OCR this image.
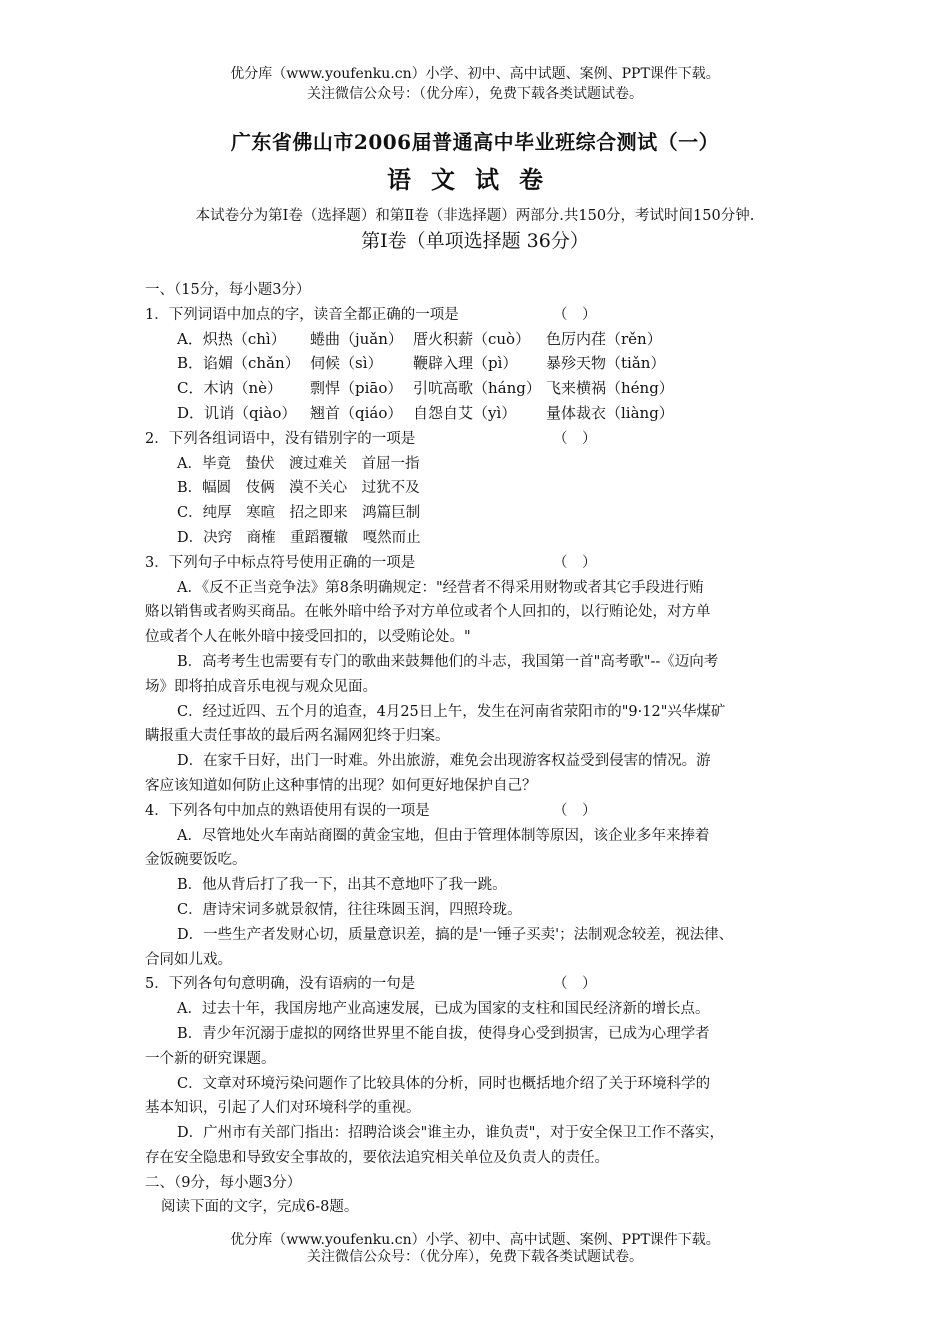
优分库（www.youfenku.cn）小学、初中、高中试题、案例、PPT课件下载。
关注微信公众号：（优分库），免费下载各类试题试卷。
广东省佛山市2006届普通高中毕业班综合测试（一）
语文试卷
本试卷分为第Ⅰ卷（选择题）和第Ⅱ卷（非选择题）两部分.共150分，考试时间150分钟.
第Ⅰ卷（单项选择题 36分）
一、（15分，每小题3分）
1．下列词语中加点的字，读音全都正确的一项是	（　）
A．炽热（chì） 蜷曲（juǎn） 厝火积薪（cuò） 色厉内荏（rěn）
B．谄媚（chǎn） 伺候（sì） 鞭辟入理（pì） 暴殄天物（tiǎn）
C．木讷（nè） 剽悍（piāo） 引吭高歌（háng） 飞来横祸（héng）
D．讥诮（qiào） 翘首（qiáo） 自怨自艾（yì） 量体裁衣（liàng）
2．下列各组词语中，没有错别字的一项是	（　）
A．毕竟　蛰伏　渡过难关　首屈一指
B．幅圆　伎俩　漠不关心　过犹不及
C．纯厚　寒暄　招之即来　鸿篇巨制
D．决窍　商榷　重蹈覆辙　嘎然而止
3．下列句子中标点符号使用正确的一项是	（　）
A．《反不正当竞争法》第8条明确规定："经营者不得采用财物或者其它手段进行贿
赂以销售或者购买商品。在帐外暗中给予对方单位或者个人回扣的，以行贿论处，对方单
位或者个人在帐外暗中接受回扣的，以受贿论处。"
B．高考考生也需要有专门的歌曲来鼓舞他们的斗志，我国第一首"高考歌"--《迈向考
场》即将拍成音乐电视与观众见面。
C．经过近四、五个月的追查，4月25日上午，发生在河南省荥阳市的"9·12"兴华煤矿
瞒报重大责任事故的最后两名漏网犯终于归案。
D．在家千日好，出门一时难。外出旅游，难免会出现游客权益受到侵害的情况。游
客应该知道如何防止这种事情的出现？如何更好地保护自己？
4．下列各句中加点的熟语使用有误的一项是	（　）
A．尽管地处火车南站商圈的黄金宝地，但由于管理体制等原因，该企业多年来捧着
金饭碗要饭吃。
B．他从背后打了我一下，出其不意地吓了我一跳。
C．唐诗宋词多就景叙情，往往珠圆玉润，四照玲珑。
D．一些生产者发财心切，质量意识差，搞的是'一锤子买卖'；法制观念较差，视法律、
合同如儿戏。
5．下列各句句意明确，没有语病的一句是	（　）
A．过去十年，我国房地产业高速发展，已成为国家的支柱和国民经济新的增长点。
B．青少年沉溺于虚拟的网络世界里不能自拔，使得身心受到损害，已成为心理学者
一个新的研究课题。
C．文章对环境污染问题作了比较具体的分析，同时也概括地介绍了关于环境科学的
基本知识，引起了人们对环境科学的重视。
D．广州市有关部门指出：招聘洽谈会"谁主办，谁负责"，对于安全保卫工作不落实，
存在安全隐患和导致安全事故的，要依法追究相关单位及负责人的责任。
二、（9分，每小题3分）
阅读下面的文字，完成6-8题。
优分库（www.youfenku.cn）小学、初中、高中试题、案例、PPT课件下载。
关注微信公众号：（优分库），免费下载各类试题试卷。
